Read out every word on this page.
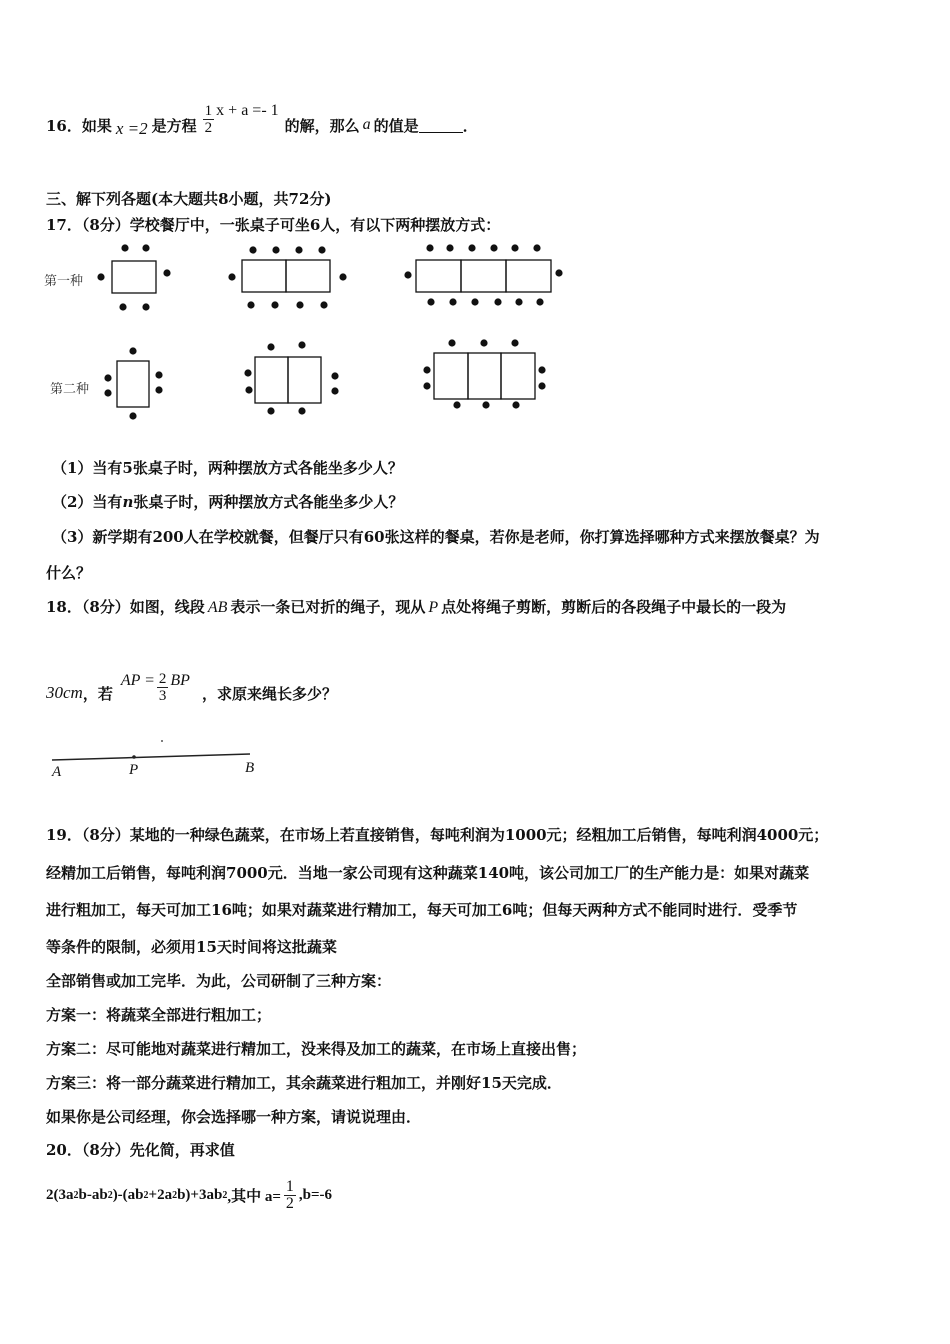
16．如果 x =2 是方程 $\frac{1}{2}$ x + a =- 1
的解，那么 a 的值是	．
三、解下列各题(本大题共8小题，共72分)
17．（8分）学校餐厅中，一张桌子可坐6人，有以下两种摆放方式：
第一种
第二种
（1）当有5张桌子时，两种摆放方式各能坐多少人？
（2）当有n张桌子时，两种摆放方式各能坐多少人？
（3）新学期有200人在学校就餐，但餐厅只有60张这样的餐桌，若你是老师，你打算选择哪种方式来摆放餐桌？为
什么？
18．（8分）如图，线段 AB 表示一条已对折的绳子，现从 P 点处将绳子剪断，剪断后的各段绳子中最长的一段为
30cm ，若
AP = $\frac{2}{3}$ BP
，求原来绳长多少？
A	P	B
19．（8分）某地的一种绿色蔬菜，在市场上若直接销售，每吨利润为1000元；经粗加工后销售，每吨利润4000元；
经精加工后销售，每吨利润7000元．当地一家公司现有这种蔬菜140吨，该公司加工厂的生产能力是：如果对蔬菜
进行粗加工，每天可加工16吨；如果对蔬菜进行精加工，每天可加工6吨；但每天两种方式不能同时进行．受季节
等条件的限制，必须用15天时间将这批蔬菜
全部销售或加工完毕．为此，公司研制了三种方案：
方案一：将蔬菜全部进行粗加工；
方案二：尽可能地对蔬菜进行精加工，没来得及加工的蔬菜，在市场上直接出售；
方案三：将一部分蔬菜进行精加工，其余蔬菜进行粗加工，并刚好15天完成．
如果你是公司经理，你会选择哪一种方案，请说说理由．
20．（8分）先化简，再求值
2(3a 2 b-ab 2 )-(ab 2 +2a 2 b)+3ab 2 ,其中 $a= \frac{1}{2} ,b=-6$
